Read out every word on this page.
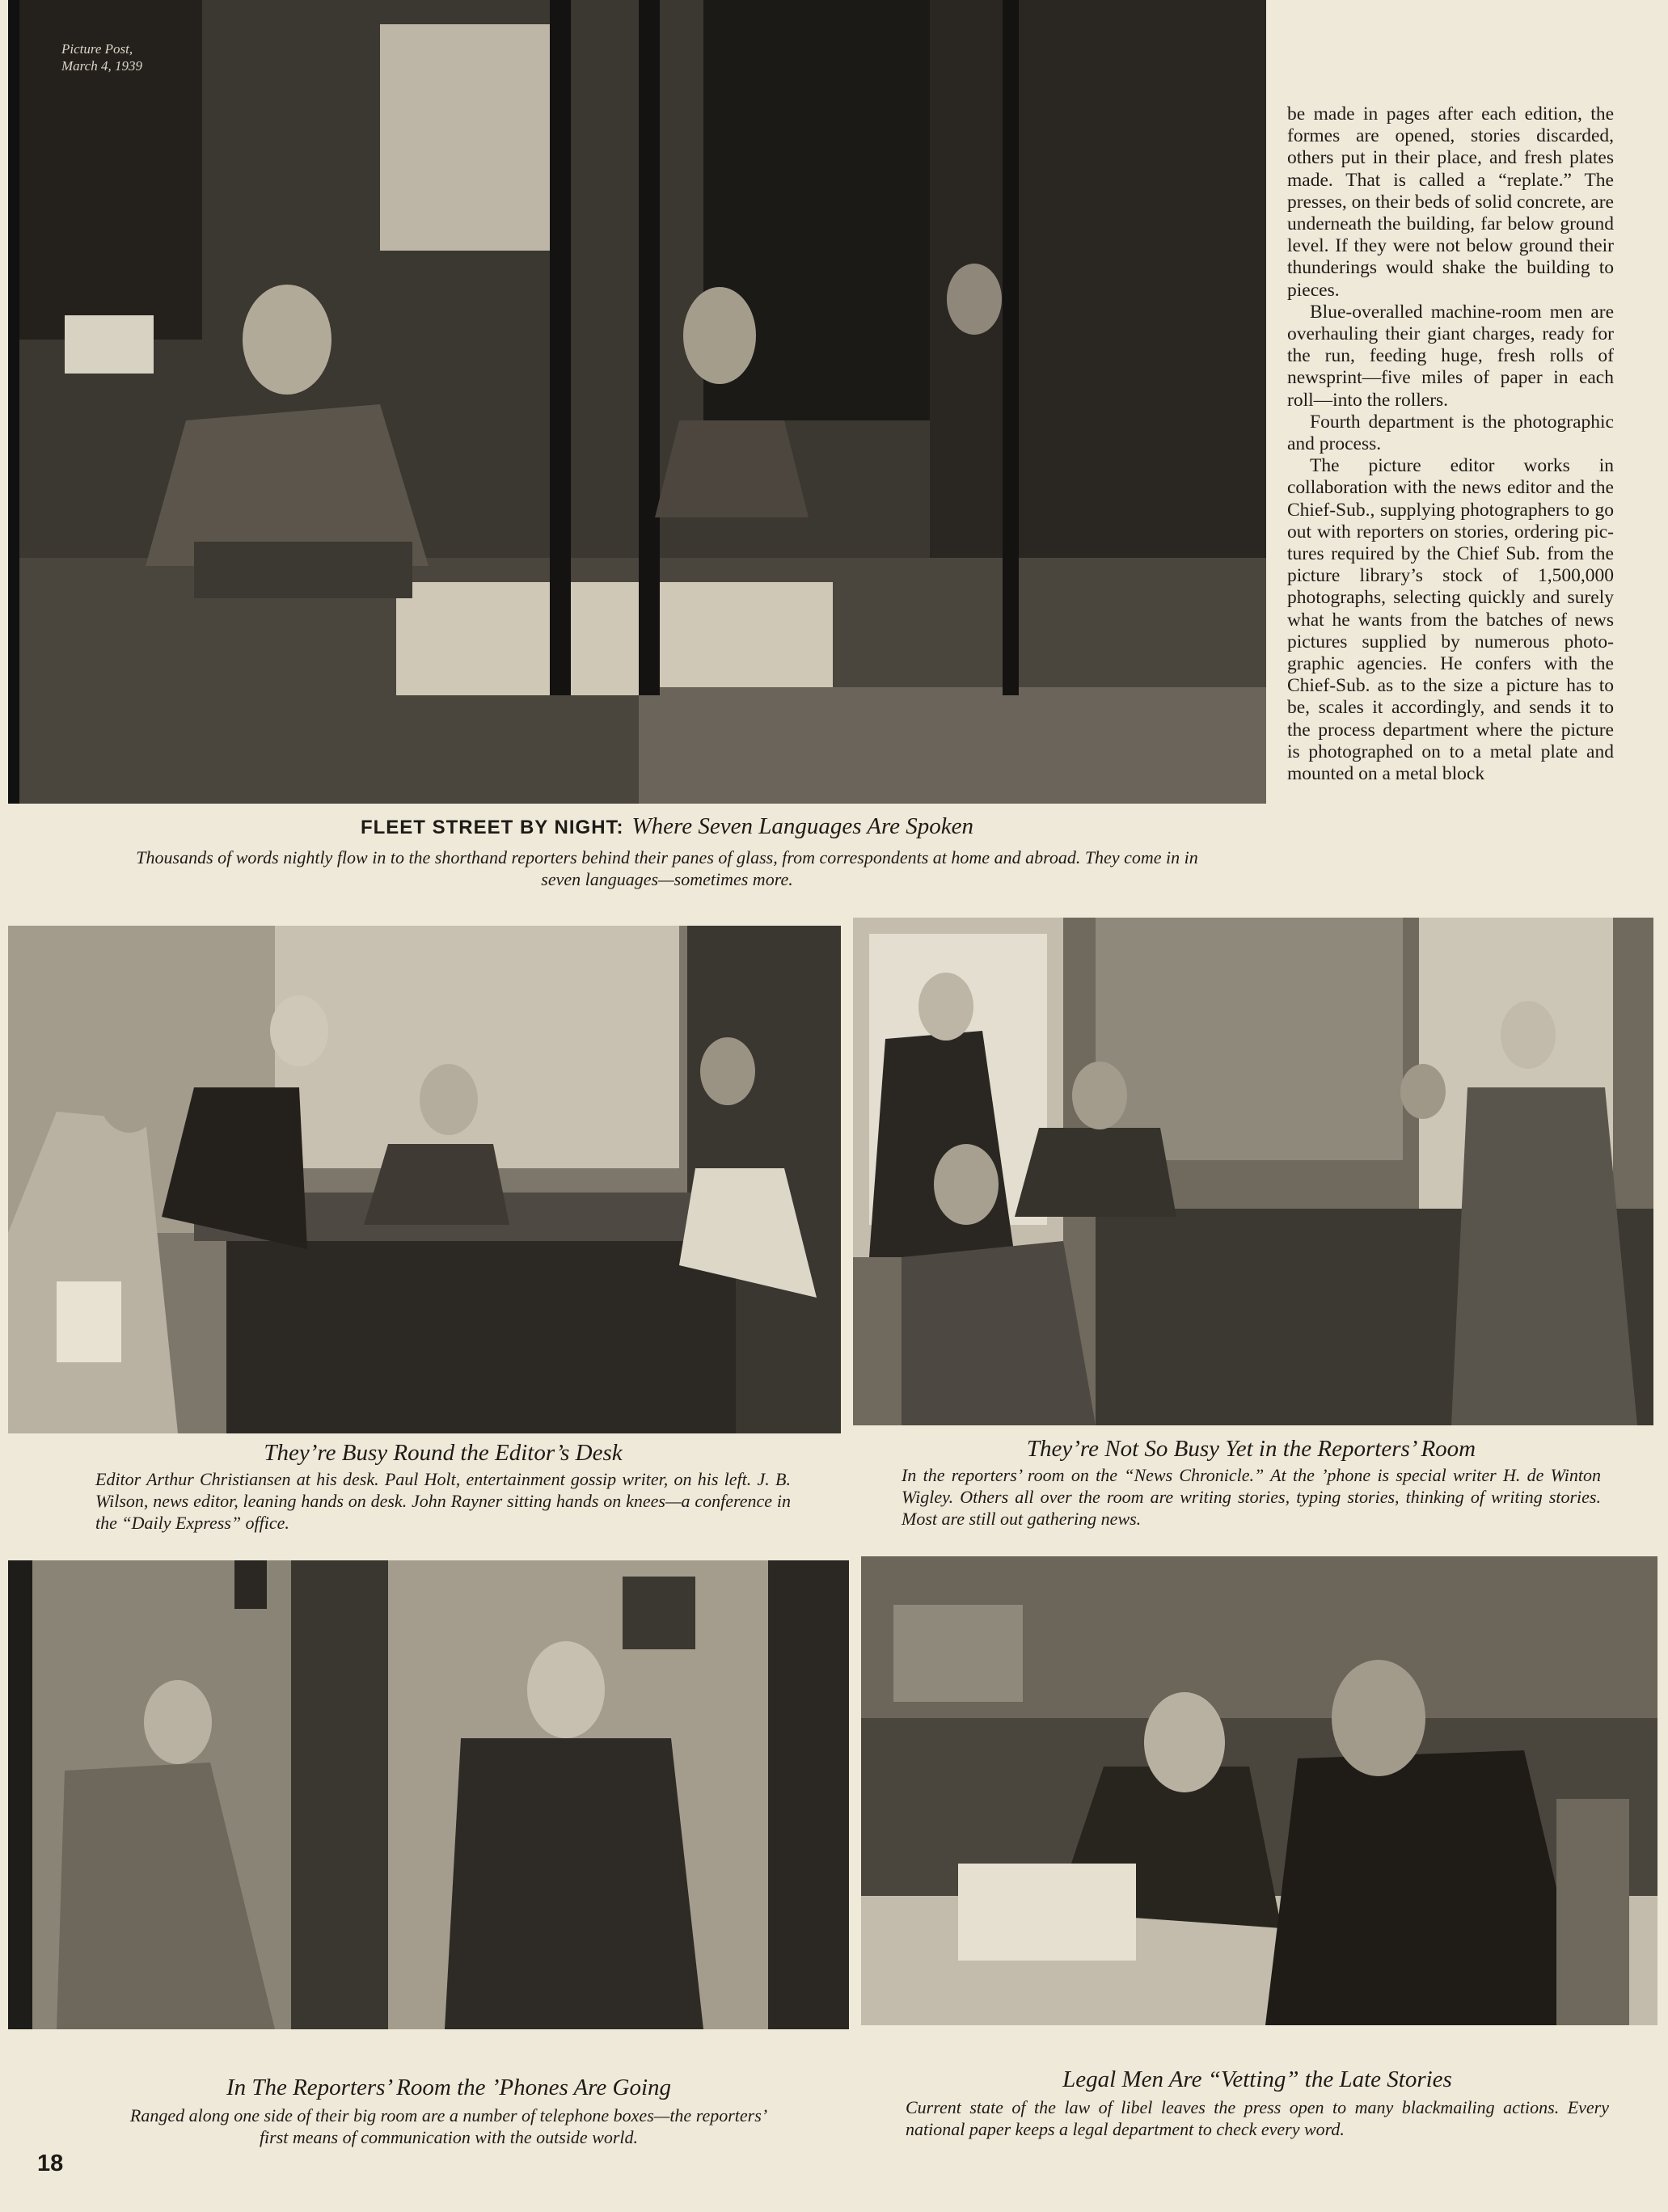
Picture Post,
March 4, 1939

be made in pages after each edition, the formes are opened, stories discarded, others put in their place, and fresh plates made. That is called a “replate.” The presses, on their beds of solid concrete, are underneath the building, far below ground level. If they were not below ground their thunderings would shake the building to pieces.

Blue-overalled machine-room men are overhauling their giant charges, ready for the run, feeding huge, fresh rolls of newsprint—five miles of paper in each roll—into the rollers.

Fourth department is the photographic and process.

The picture editor works in collaboration with the news editor and the Chief-Sub., supplying photographers to go out with reporters on stories, ordering pictures required by the Chief Sub. from the picture library’s stock of 1,500,000 photographs, selecting quickly and surely what he wants from the batches of news pictures supplied by numerous photographic agencies. He confers with the Chief-Sub. as to the size a picture has to be, scales it accordingly, and sends it to the process department where the picture is photographed on to a metal plate and mounted on a metal block

FLEET STREET BY NIGHT: Where Seven Languages Are Spoken
Thousands of words nightly flow in to the shorthand reporters behind their panes of glass, from correspondents at home and abroad. They come in in seven languages—sometimes more.
They’re Busy Round the Editor’s Desk
Editor Arthur Christiansen at his desk. Paul Holt, entertainment gossip writer, on his left. J. B. Wilson, news editor, leaning hands on desk. John Rayner sitting hands on knees—a conference in the “Daily Express” office.
They’re Not So Busy Yet in the Reporters’ Room
In the reporters’ room on the “News Chronicle.” At the ’phone is special writer H. de Winton Wigley. Others all over the room are writing stories, typing stories, thinking of writing stories. Most are still out gathering news.
In The Reporters’ Room the ’Phones Are Going
Ranged along one side of their big room are a number of telephone boxes—the reporters’ first means of communication with the outside world.
Legal Men Are “Vetting” the Late Stories
Current state of the law of libel leaves the press open to many blackmailing actions. Every national paper keeps a legal department to check every word.
18
